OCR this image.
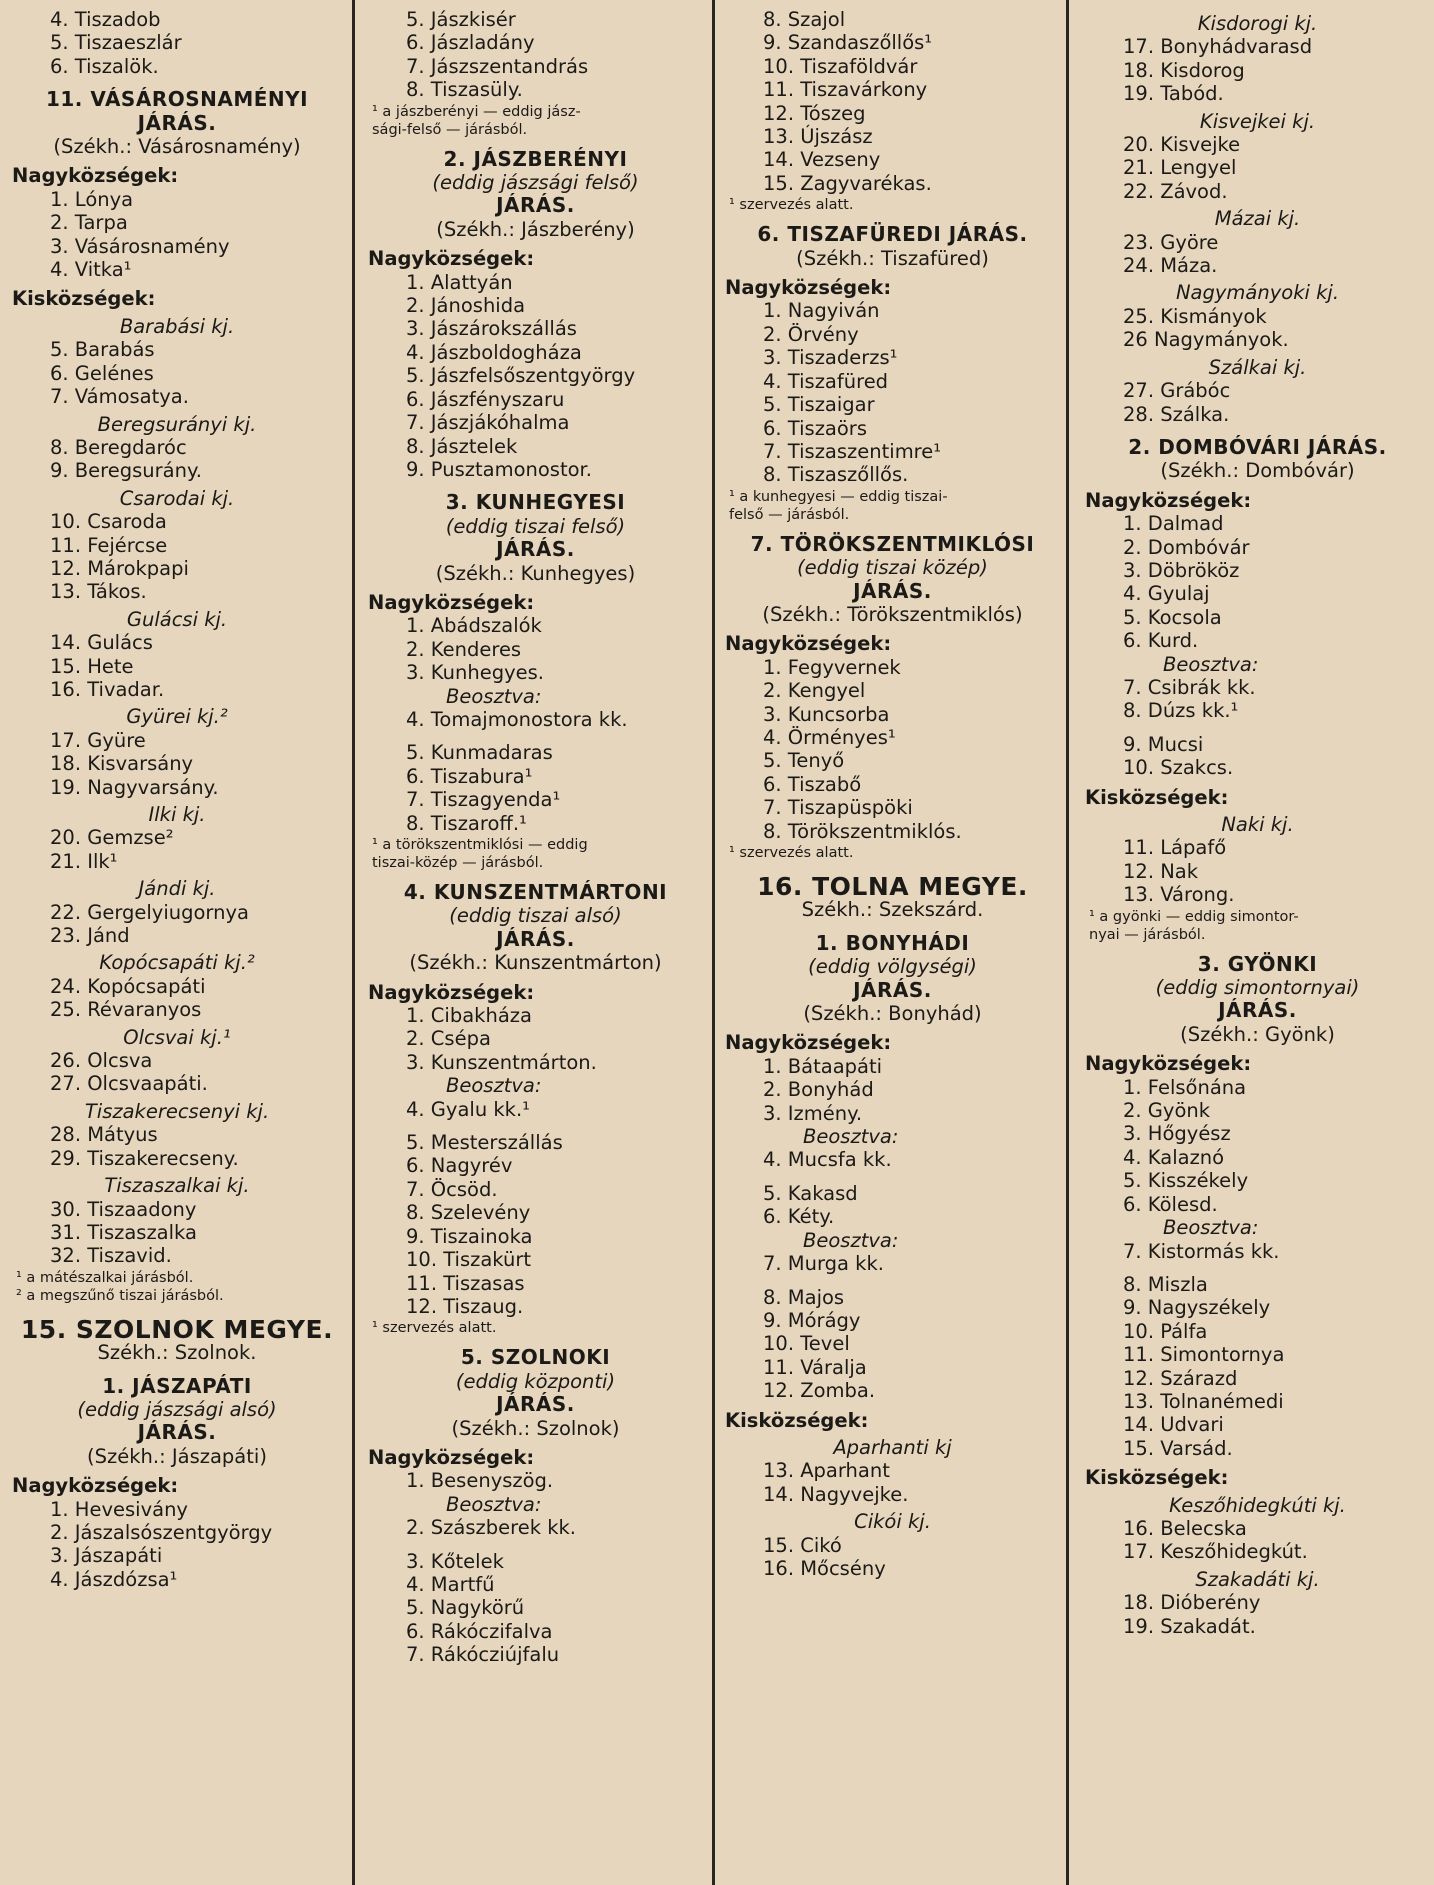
4. Tiszadob
5. Tiszaeszlár
6. Tiszalök.
11. VÁSÁROSNAMÉNYI
JÁRÁS.
(Székh.: Vásárosnamény)
Nagyközségek:
1. Lónya
2. Tarpa
3. Vásárosnamény
4. Vitka¹
Kisközségek:
Barabási kj.
5. Barabás
6. Gelénes
7. Vámosatya.
Beregsurányi kj.
8. Beregdaróc
9. Beregsurány.
Csarodai kj.
10. Csaroda
11. Fejércse
12. Márokpapi
13. Tákos.
Gulácsi kj.
14. Gulács
15. Hete
16. Tivadar.
Gyürei kj.²
17. Gyüre
18. Kisvarsány
19. Nagyvarsány.
Ilki kj.
20. Gemzse²
21. Ilk¹
Jándi kj.
22. Gergelyiugornya
23. Jánd
Kopócsapáti kj.²
24. Kopócsapáti
25. Révaranyos
Olcsvai kj.¹
26. Olcsva
27. Olcsvaapáti.
Tiszakerecsenyi kj.
28. Mátyus
29. Tiszakerecseny.
Tiszaszalkai kj.
30. Tiszaadony
31. Tiszaszalka
32. Tiszavid.
¹ a mátészalkai járásból.
² a megszűnő tiszai járásból.
15. SZOLNOK MEGYE.
Székh.: Szolnok.
1. JÁSZAPÁTI
(eddig jászsági alsó)
JÁRÁS.
(Székh.: Jászapáti)
Nagyközségek:
1. Hevesivány
2. Jászalsószentgyörgy
3. Jászapáti
4. Jászdózsa¹
5. Jászkisér
6. Jászladány
7. Jászszentandrás
8. Tiszasüly.
¹ a jászberényi — eddig jász-
sági-felső — járásból.
2. JÁSZBERÉNYI
(eddig jászsági felső)
JÁRÁS.
(Székh.: Jászberény)
Nagyközségek:
1. Alattyán
2. Jánoshida
3. Jászárokszállás
4. Jászboldogháza
5. Jászfelsőszentgyörgy
6. Jászfényszaru
7. Jászjákóhalma
8. Jásztelek
9. Pusztamonostor.
3. KUNHEGYESI
(eddig tiszai felső)
JÁRÁS.
(Székh.: Kunhegyes)
Nagyközségek:
1. Abádszalók
2. Kenderes
3. Kunhegyes.
Beosztva:
4. Tomajmonostora kk.
5. Kunmadaras
6. Tiszabura¹
7. Tiszagyenda¹
8. Tiszaroff.¹
¹ a törökszentmiklósi — eddig
tiszai-közép — járásból.
4. KUNSZENTMÁRTONI
(eddig tiszai alsó)
JÁRÁS.
(Székh.: Kunszentmárton)
Nagyközségek:
1. Cibakháza
2. Csépa
3. Kunszentmárton.
Beosztva:
4. Gyalu kk.¹
5. Mesterszállás
6. Nagyrév
7. Öcsöd.
8. Szelevény
9. Tiszainoka
10. Tiszakürt
11. Tiszasas
12. Tiszaug.
¹ szervezés alatt.
5. SZOLNOKI
(eddig központi)
JÁRÁS.
(Székh.: Szolnok)
Nagyközségek:
1. Besenyszög.
Beosztva:
2. Szászberek kk.
3. Kőtelek
4. Martfű
5. Nagykörű
6. Rákóczifalva
7. Rákócziújfalu
8. Szajol
9. Szandaszőllős¹
10. Tiszaföldvár
11. Tiszavárkony
12. Tószeg
13. Újszász
14. Vezseny
15. Zagyvarékas.
¹ szervezés alatt.
6. TISZAFÜREDI JÁRÁS.
(Székh.: Tiszafüred)
Nagyközségek:
1. Nagyiván
2. Örvény
3. Tiszaderzs¹
4. Tiszafüred
5. Tiszaigar
6. Tiszaörs
7. Tiszaszentimre¹
8. Tiszaszőllős.
¹ a kunhegyesi — eddig tiszai-
felső — járásból.
7. TÖRÖKSZENTMIKLÓSI
(eddig tiszai közép)
JÁRÁS.
(Székh.: Törökszentmiklós)
Nagyközségek:
1. Fegyvernek
2. Kengyel
3. Kuncsorba
4. Örményes¹
5. Tenyő
6. Tiszabő
7. Tiszapüspöki
8. Törökszentmiklós.
¹ szervezés alatt.
16. TOLNA MEGYE.
Székh.: Szekszárd.
1. BONYHÁDI
(eddig völgységi)
JÁRÁS.
(Székh.: Bonyhád)
Nagyközségek:
1. Bátaapáti
2. Bonyhád
3. Izmény.
Beosztva:
4. Mucsfa kk.
5. Kakasd
6. Kéty.
Beosztva:
7. Murga kk.
8. Majos
9. Mórágy
10. Tevel
11. Váralja
12. Zomba.
Kisközségek:
Aparhanti kj
13. Aparhant
14. Nagyvejke.
Cikói kj.
15. Cikó
16. Mőcsény
Kisdorogi kj.
17. Bonyhádvarasd
18. Kisdorog
19. Tabód.
Kisvejkei kj.
20. Kisvejke
21. Lengyel
22. Závod.
Mázai kj.
23. Györe
24. Máza.
Nagymányoki kj.
25. Kismányok
26 Nagymányok.
Szálkai kj.
27. Grábóc
28. Szálka.
2. DOMBÓVÁRI JÁRÁS.
(Székh.: Dombóvár)
Nagyközségek:
1. Dalmad
2. Dombóvár
3. Döbrököz
4. Gyulaj
5. Kocsola
6. Kurd.
Beosztva:
7. Csibrák kk.
8. Dúzs kk.¹
9. Mucsi
10. Szakcs.
Kisközségek:
Naki kj.
11. Lápafő
12. Nak
13. Várong.
¹ a gyönki — eddig simontor-
nyai — járásból.
3. GYÖNKI
(eddig simontornyai)
JÁRÁS.
(Székh.: Gyönk)
Nagyközségek:
1. Felsőnána
2. Gyönk
3. Hőgyész
4. Kalaznó
5. Kisszékely
6. Kölesd.
Beosztva:
7. Kistormás kk.
8. Miszla
9. Nagyszékely
10. Pálfa
11. Simontornya
12. Szárazd
13. Tolnanémedi
14. Udvari
15. Varsád.
Kisközségek:
Keszőhidegkúti kj.
16. Belecska
17. Keszőhidegkút.
Szakadáti kj.
18. Dióberény
19. Szakadát.
